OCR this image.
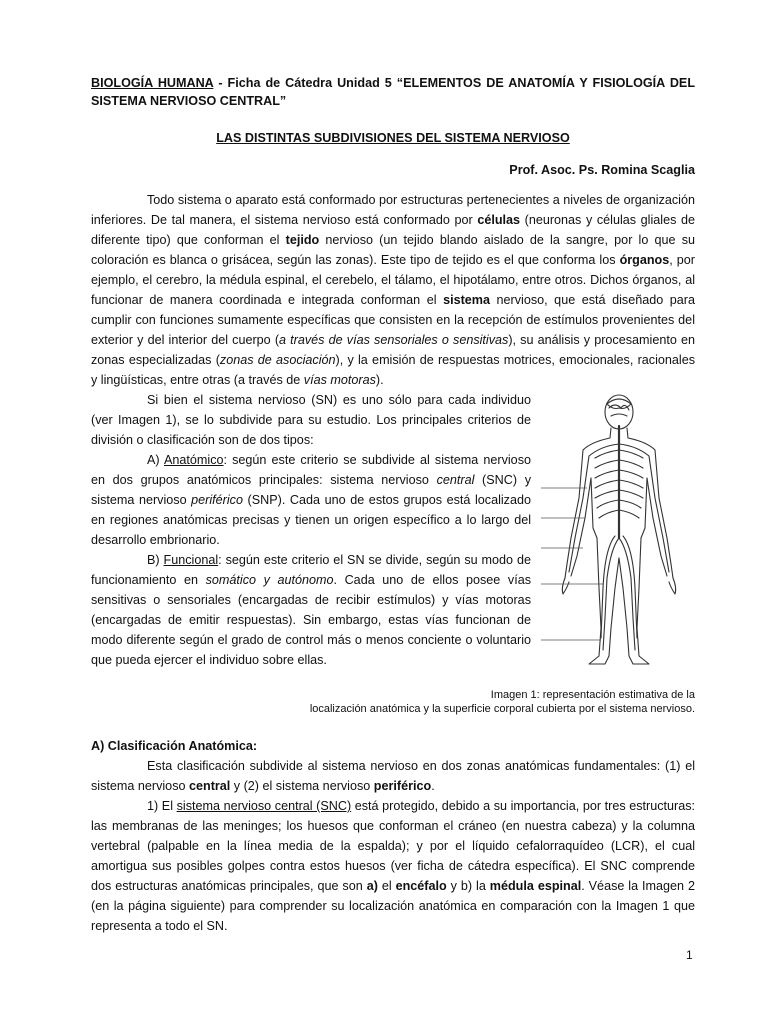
BIOLOGÍA HUMANA - Ficha de Cátedra Unidad 5 “ELEMENTOS DE ANATOMÍA Y FISIOLOGÍA DEL SISTEMA NERVIOSO CENTRAL”

LAS DISTINTAS SUBDIVISIONES DEL SISTEMA NERVIOSO
Prof. Asoc. Ps. Romina Scaglia

Todo sistema o aparato está conformado por estructuras pertenecientes a niveles de organización inferiores. De tal manera, el sistema nervioso está conformado por células (neuronas y células gliales de diferente tipo) que conforman el tejido nervioso (un tejido blando aislado de la sangre, por lo que su coloración es blanca o grisácea, según las zonas). Este tipo de tejido es el que conforma los órganos, por ejemplo, el cerebro, la médula espinal, el cerebelo, el tálamo, el hipotálamo, entre otros. Dichos órganos, al funcionar de manera coordinada e integrada conforman el sistema nervioso, que está diseñado para cumplir con funciones sumamente específicas que consisten en la recepción de estímulos provenientes del exterior y del interior del cuerpo (a través de vías sensoriales o sensitivas), su análisis y procesamiento en zonas especializadas (zonas de asociación), y la emisión de respuestas motrices, emocionales, racionales y lingüísticas, entre otras (a través de vías motoras).

Si bien el sistema nervioso (SN) es uno sólo para cada individuo (ver Imagen 1), se lo subdivide para su estudio. Los principales criterios de división o clasificación son de dos tipos:

A) Anatómico: según este criterio se subdivide al sistema nervioso en dos grupos anatómicos principales: sistema nervioso central (SNC) y sistema nervioso periférico (SNP). Cada uno de estos grupos está localizado en regiones anatómicas precisas y tienen un origen específico a lo largo del desarrollo embrionario.

B) Funcional: según este criterio el SN se divide, según su modo de funcionamiento en somático y autónomo. Cada uno de ellos posee vías sensitivas o sensoriales (encargadas de recibir estímulos) y vías motoras (encargadas de emitir respuestas). Sin embargo, estas vías funcionan de modo diferente según el grado de control más o menos conciente o voluntario que pueda ejercer el individuo sobre ellas.

Imagen 1: representación estimativa de la
localización anatómica y la superficie corporal cubierta por el sistema nervioso.
A) Clasificación Anatómica:

Esta clasificación subdivide al sistema nervioso en dos zonas anatómicas fundamentales: (1) el sistema nervioso central y (2) el sistema nervioso periférico.

1) El sistema nervioso central (SNC) está protegido, debido a su importancia, por tres estructuras: las membranas de las meninges; los huesos que conforman el cráneo (en nuestra cabeza) y la columna vertebral (palpable en la línea media de la espalda); y por el líquido cefalorraquídeo (LCR), el cual amortigua sus posibles golpes contra estos huesos (ver ficha de cátedra específica). El SNC comprende dos estructuras anatómicas principales, que son a) el encéfalo y b) la médula espinal. Véase la Imagen 2 (en la página siguiente) para comprender su localización anatómica en comparación con la Imagen 1 que representa a todo el SN.

1
